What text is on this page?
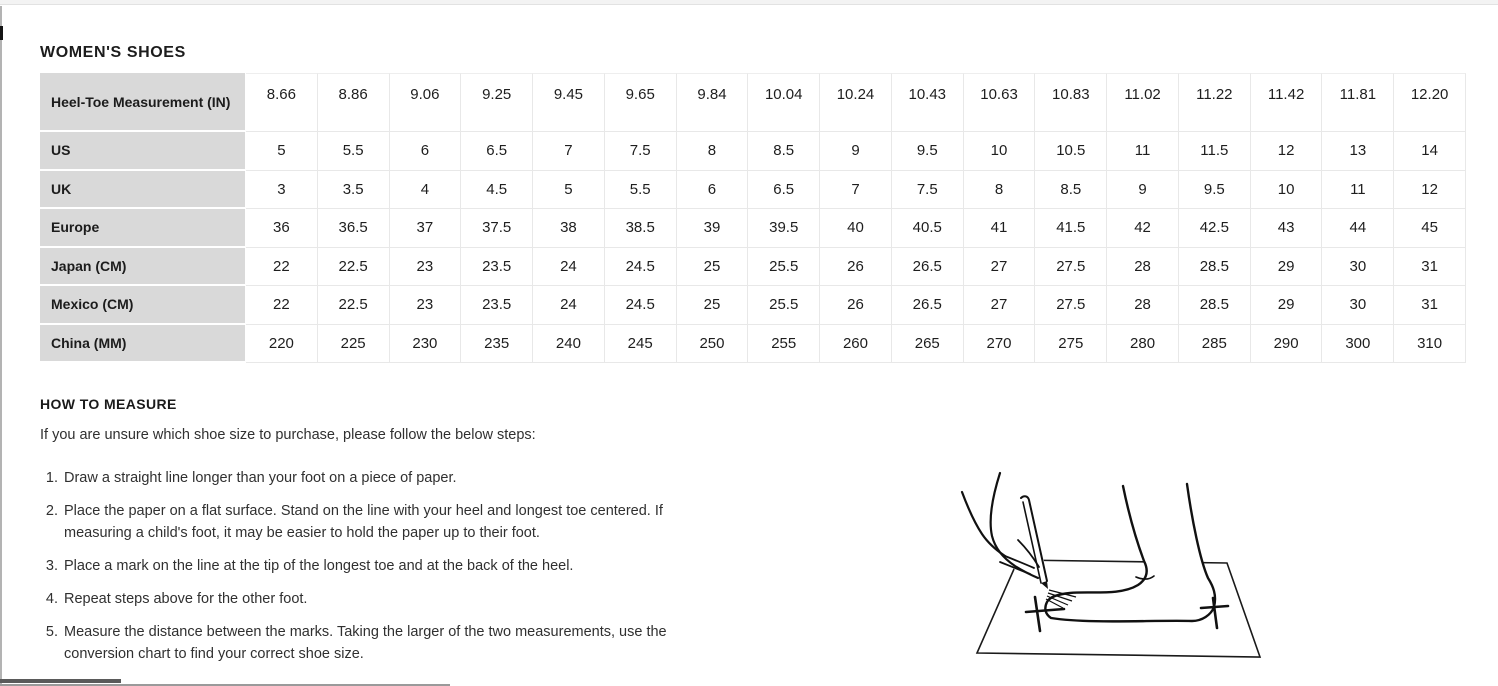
WOMEN'S SHOES
Heel-Toe Measurement (IN)	8.66	8.86	9.06	9.25	9.45	9.65	9.84	10.04	10.24	10.43	10.63	10.83	11.02	11.22	11.42	11.81	12.20
US	5	5.5	6	6.5	7	7.5	8	8.5	9	9.5	10	10.5	11	11.5	12	13	14
UK	3	3.5	4	4.5	5	5.5	6	6.5	7	7.5	8	8.5	9	9.5	10	11	12
Europe	36	36.5	37	37.5	38	38.5	39	39.5	40	40.5	41	41.5	42	42.5	43	44	45
Japan (CM)	22	22.5	23	23.5	24	24.5	25	25.5	26	26.5	27	27.5	28	28.5	29	30	31
Mexico (CM)	22	22.5	23	23.5	24	24.5	25	25.5	26	26.5	27	27.5	28	28.5	29	30	31
China (MM)	220	225	230	235	240	245	250	255	260	265	270	275	280	285	290	300	310
HOW TO MEASURE

If you are unsure which shoe size to purchase, please follow the below steps:

1. Draw a straight line longer than your foot on a piece of paper.
2. Place the paper on a flat surface. Stand on the line with your heel and longest toe centered. If measuring a child's foot, it may be easier to hold the paper up to their foot.
3. Place a mark on the line at the tip of the longest toe and at the back of the heel.
4. Repeat steps above for the other foot.
5. Measure the distance between the marks. Taking the larger of the two measurements, use the conversion chart to find your correct shoe size.
